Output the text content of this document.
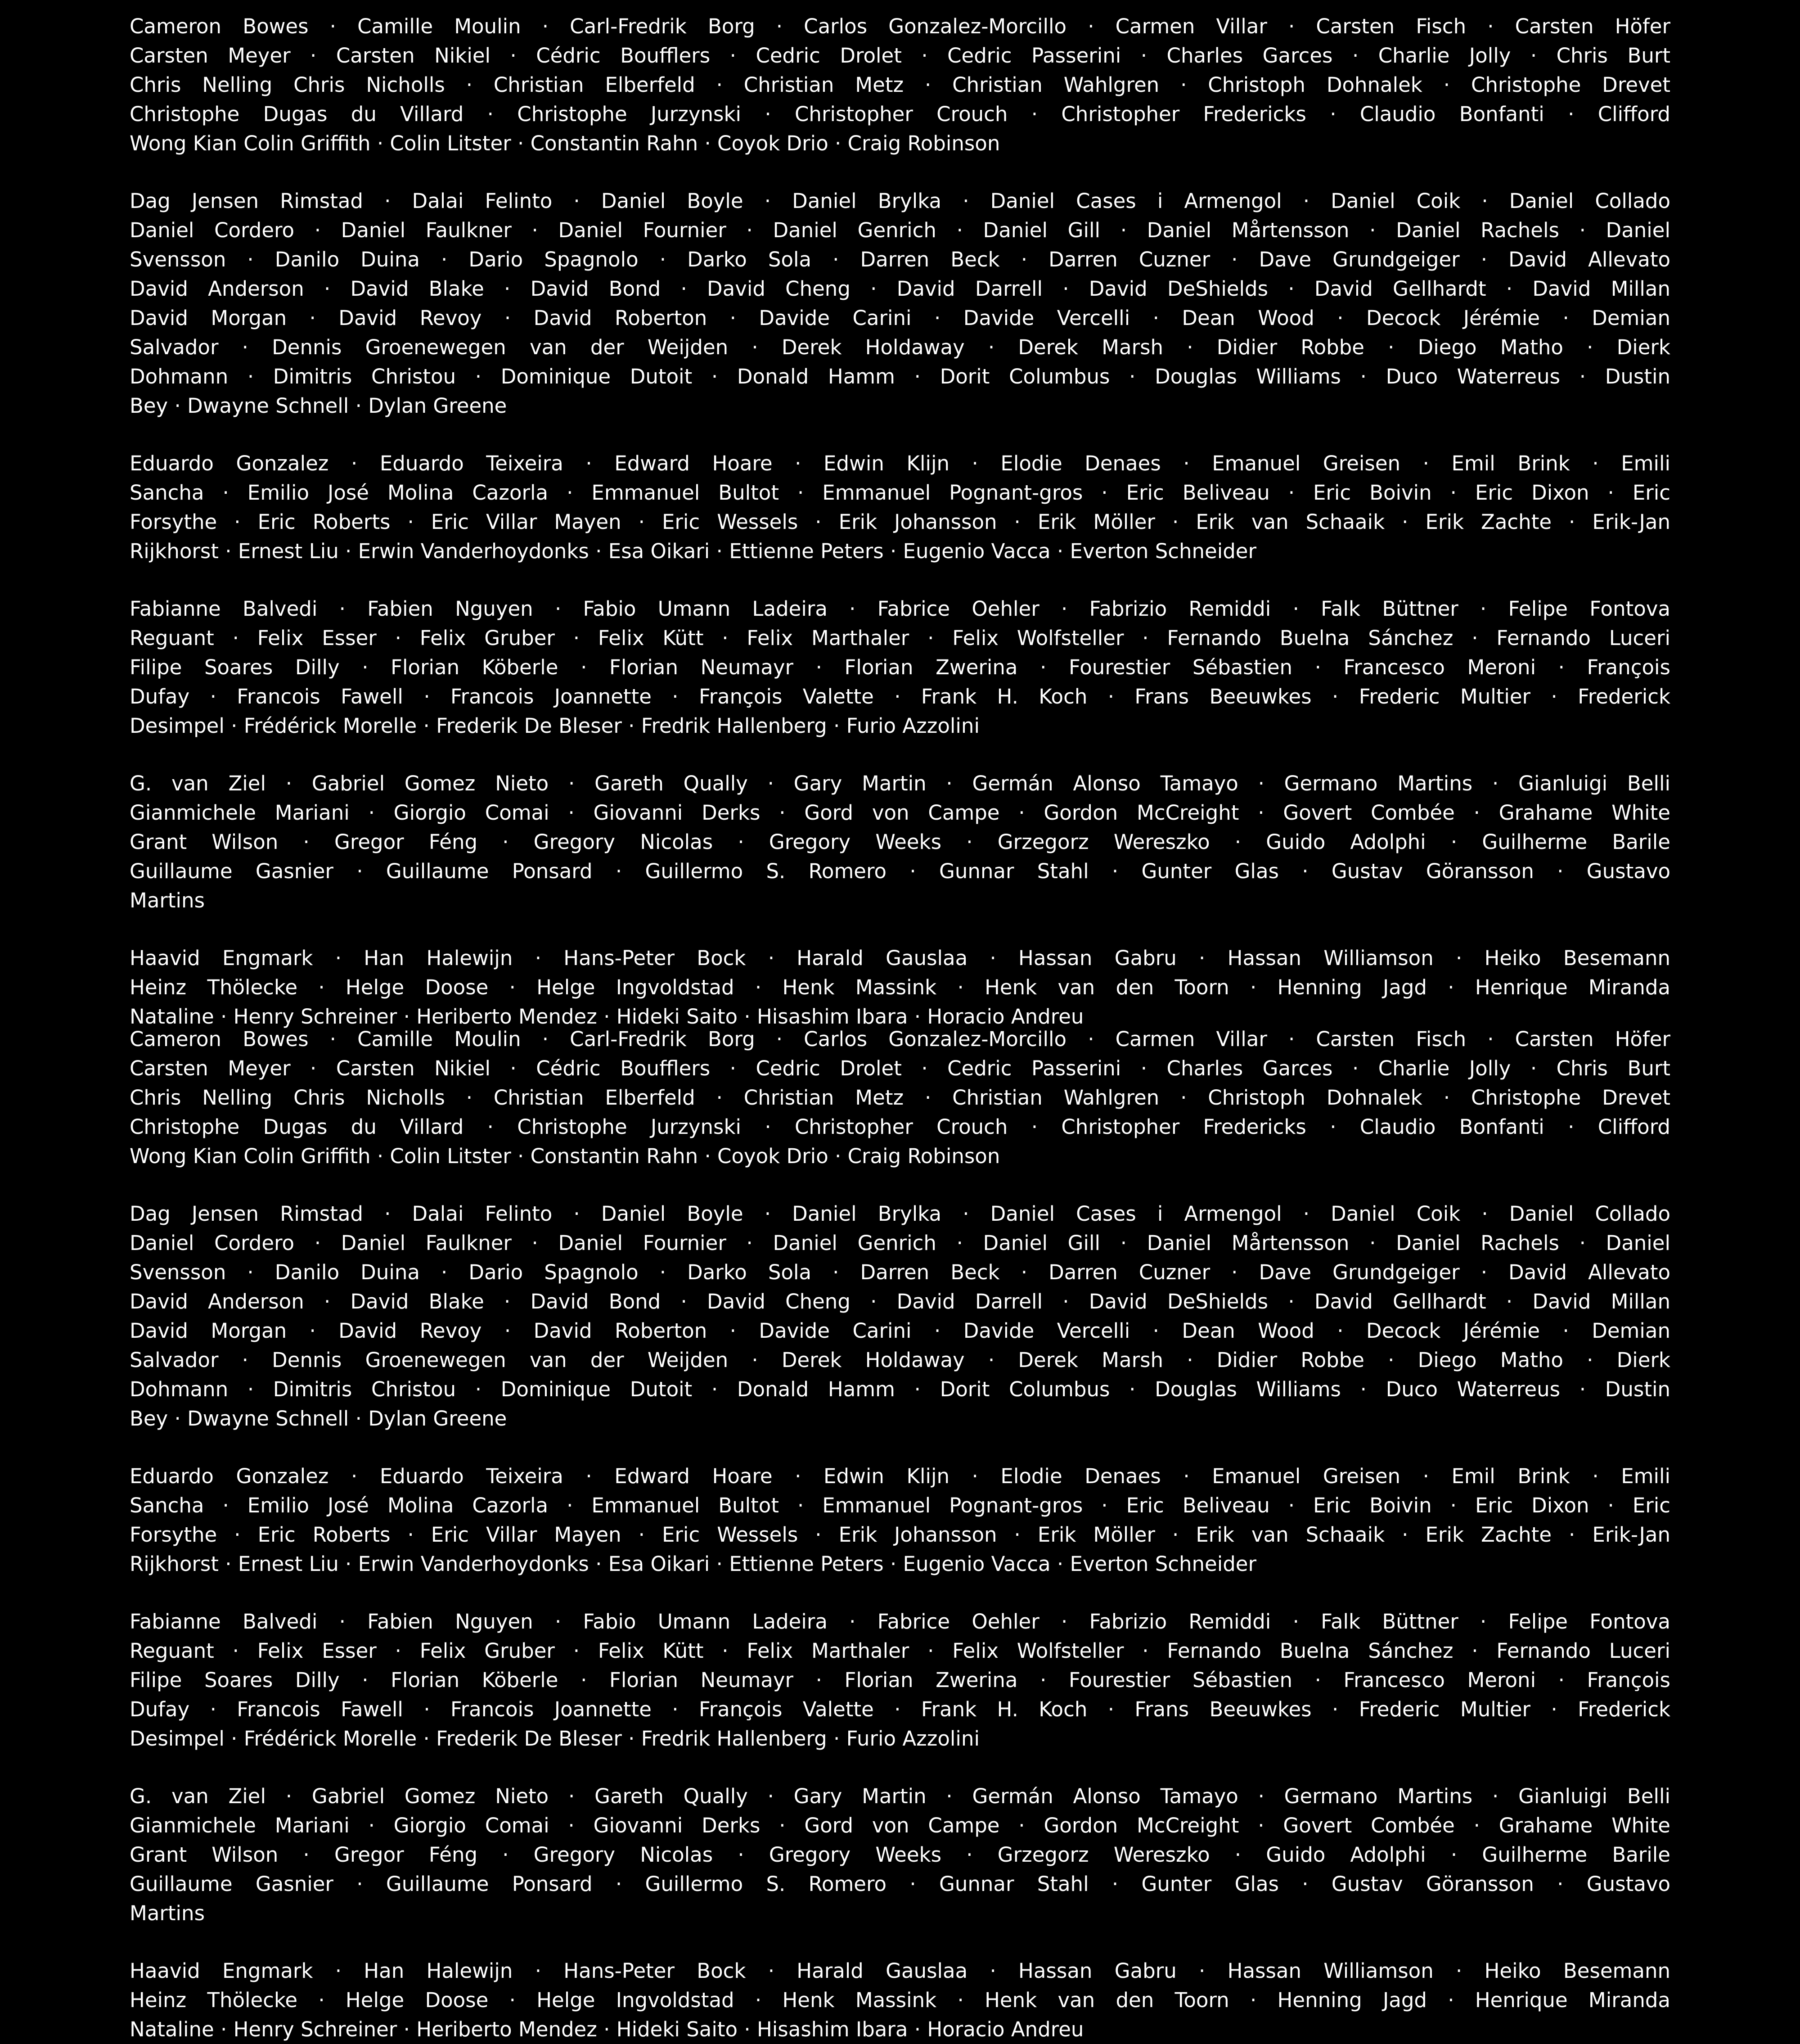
Cameron Bowes · Camille Moulin · Carl-Fredrik Borg · Carlos Gonzalez-Morcillo · Carmen Villar · Carsten Fisch · Carsten Höfer
Carsten Meyer · Carsten Nikiel · Cédric Boufflers · Cedric Drolet · Cedric Passerini · Charles Garces · Charlie Jolly · Chris Burt
Chris Nelling Chris Nicholls · Christian Elberfeld · Christian Metz · Christian Wahlgren · Christoph Dohnalek · Christophe Drevet
Christophe Dugas du Villard · Christophe Jurzynski · Christopher Crouch · Christopher Fredericks · Claudio Bonfanti · Clifford
Wong Kian Colin Griffith · Colin Litster · Constantin Rahn · Coyok Drio · Craig Robinson
Dag Jensen Rimstad · Dalai Felinto · Daniel Boyle · Daniel Brylka · Daniel Cases i Armengol · Daniel Coik · Daniel Collado
Daniel Cordero · Daniel Faulkner · Daniel Fournier · Daniel Genrich · Daniel Gill · Daniel Mårtensson · Daniel Rachels · Daniel
Svensson · Danilo Duina · Dario Spagnolo · Darko Sola · Darren Beck · Darren Cuzner · Dave Grundgeiger · David Allevato
David Anderson · David Blake · David Bond · David Cheng · David Darrell · David DeShields · David Gellhardt · David Millan
David Morgan · David Revoy · David Roberton · Davide Carini · Davide Vercelli · Dean Wood · Decock Jérémie · Demian
Salvador · Dennis Groenewegen van der Weijden · Derek Holdaway · Derek Marsh · Didier Robbe · Diego Matho · Dierk
Dohmann · Dimitris Christou · Dominique Dutoit · Donald Hamm · Dorit Columbus · Douglas Williams · Duco Waterreus · Dustin
Bey · Dwayne Schnell · Dylan Greene
Eduardo Gonzalez · Eduardo Teixeira · Edward Hoare · Edwin Klijn · Elodie Denaes · Emanuel Greisen · Emil Brink · Emili
Sancha · Emilio José Molina Cazorla · Emmanuel Bultot · Emmanuel Pognant-gros · Eric Beliveau · Eric Boivin · Eric Dixon · Eric
Forsythe · Eric Roberts · Eric Villar Mayen · Eric Wessels · Erik Johansson · Erik Möller · Erik van Schaaik · Erik Zachte · Erik-Jan
Rijkhorst · Ernest Liu · Erwin Vanderhoydonks · Esa Oikari · Ettienne Peters · Eugenio Vacca · Everton Schneider
Fabianne Balvedi · Fabien Nguyen · Fabio Umann Ladeira · Fabrice Oehler · Fabrizio Remiddi · Falk Büttner · Felipe Fontova
Reguant · Felix Esser · Felix Gruber · Felix Kütt · Felix Marthaler · Felix Wolfsteller · Fernando Buelna Sánchez · Fernando Luceri
Filipe Soares Dilly · Florian Köberle · Florian Neumayr · Florian Zwerina · Fourestier Sébastien · Francesco Meroni · François
Dufay · Francois Fawell · Francois Joannette · François Valette · Frank H. Koch · Frans Beeuwkes · Frederic Multier · Frederick
Desimpel · Frédérick Morelle · Frederik De Bleser · Fredrik Hallenberg · Furio Azzolini
G. van Ziel · Gabriel Gomez Nieto · Gareth Qually · Gary Martin · Germán Alonso Tamayo · Germano Martins · Gianluigi Belli
Gianmichele Mariani · Giorgio Comai · Giovanni Derks · Gord von Campe · Gordon McCreight · Govert Combée · Grahame White
Grant Wilson · Gregor Féng · Gregory Nicolas · Gregory Weeks · Grzegorz Wereszko · Guido Adolphi · Guilherme Barile
Guillaume Gasnier · Guillaume Ponsard · Guillermo S. Romero · Gunnar Stahl · Gunter Glas · Gustav Göransson · Gustavo
Martins
Haavid Engmark · Han Halewijn · Hans-Peter Bock · Harald Gauslaa · Hassan Gabru · Hassan Williamson · Heiko Besemann
Heinz Thölecke · Helge Doose · Helge Ingvoldstad · Henk Massink · Henk van den Toorn · Henning Jagd · Henrique Miranda
Nataline · Henry Schreiner · Heriberto Mendez · Hideki Saito · Hisashim Ibara · Horacio Andreu
Cameron Bowes · Camille Moulin · Carl-Fredrik Borg · Carlos Gonzalez-Morcillo · Carmen Villar · Carsten Fisch · Carsten Höfer
Carsten Meyer · Carsten Nikiel · Cédric Boufflers · Cedric Drolet · Cedric Passerini · Charles Garces · Charlie Jolly · Chris Burt
Chris Nelling Chris Nicholls · Christian Elberfeld · Christian Metz · Christian Wahlgren · Christoph Dohnalek · Christophe Drevet
Christophe Dugas du Villard · Christophe Jurzynski · Christopher Crouch · Christopher Fredericks · Claudio Bonfanti · Clifford
Wong Kian Colin Griffith · Colin Litster · Constantin Rahn · Coyok Drio · Craig Robinson
Dag Jensen Rimstad · Dalai Felinto · Daniel Boyle · Daniel Brylka · Daniel Cases i Armengol · Daniel Coik · Daniel Collado
Daniel Cordero · Daniel Faulkner · Daniel Fournier · Daniel Genrich · Daniel Gill · Daniel Mårtensson · Daniel Rachels · Daniel
Svensson · Danilo Duina · Dario Spagnolo · Darko Sola · Darren Beck · Darren Cuzner · Dave Grundgeiger · David Allevato
David Anderson · David Blake · David Bond · David Cheng · David Darrell · David DeShields · David Gellhardt · David Millan
David Morgan · David Revoy · David Roberton · Davide Carini · Davide Vercelli · Dean Wood · Decock Jérémie · Demian
Salvador · Dennis Groenewegen van der Weijden · Derek Holdaway · Derek Marsh · Didier Robbe · Diego Matho · Dierk
Dohmann · Dimitris Christou · Dominique Dutoit · Donald Hamm · Dorit Columbus · Douglas Williams · Duco Waterreus · Dustin
Bey · Dwayne Schnell · Dylan Greene
Eduardo Gonzalez · Eduardo Teixeira · Edward Hoare · Edwin Klijn · Elodie Denaes · Emanuel Greisen · Emil Brink · Emili
Sancha · Emilio José Molina Cazorla · Emmanuel Bultot · Emmanuel Pognant-gros · Eric Beliveau · Eric Boivin · Eric Dixon · Eric
Forsythe · Eric Roberts · Eric Villar Mayen · Eric Wessels · Erik Johansson · Erik Möller · Erik van Schaaik · Erik Zachte · Erik-Jan
Rijkhorst · Ernest Liu · Erwin Vanderhoydonks · Esa Oikari · Ettienne Peters · Eugenio Vacca · Everton Schneider
Fabianne Balvedi · Fabien Nguyen · Fabio Umann Ladeira · Fabrice Oehler · Fabrizio Remiddi · Falk Büttner · Felipe Fontova
Reguant · Felix Esser · Felix Gruber · Felix Kütt · Felix Marthaler · Felix Wolfsteller · Fernando Buelna Sánchez · Fernando Luceri
Filipe Soares Dilly · Florian Köberle · Florian Neumayr · Florian Zwerina · Fourestier Sébastien · Francesco Meroni · François
Dufay · Francois Fawell · Francois Joannette · François Valette · Frank H. Koch · Frans Beeuwkes · Frederic Multier · Frederick
Desimpel · Frédérick Morelle · Frederik De Bleser · Fredrik Hallenberg · Furio Azzolini
G. van Ziel · Gabriel Gomez Nieto · Gareth Qually · Gary Martin · Germán Alonso Tamayo · Germano Martins · Gianluigi Belli
Gianmichele Mariani · Giorgio Comai · Giovanni Derks · Gord von Campe · Gordon McCreight · Govert Combée · Grahame White
Grant Wilson · Gregor Féng · Gregory Nicolas · Gregory Weeks · Grzegorz Wereszko · Guido Adolphi · Guilherme Barile
Guillaume Gasnier · Guillaume Ponsard · Guillermo S. Romero · Gunnar Stahl · Gunter Glas · Gustav Göransson · Gustavo
Martins
Haavid Engmark · Han Halewijn · Hans-Peter Bock · Harald Gauslaa · Hassan Gabru · Hassan Williamson · Heiko Besemann
Heinz Thölecke · Helge Doose · Helge Ingvoldstad · Henk Massink · Henk van den Toorn · Henning Jagd · Henrique Miranda
Nataline · Henry Schreiner · Heriberto Mendez · Hideki Saito · Hisashim Ibara · Horacio Andreu
